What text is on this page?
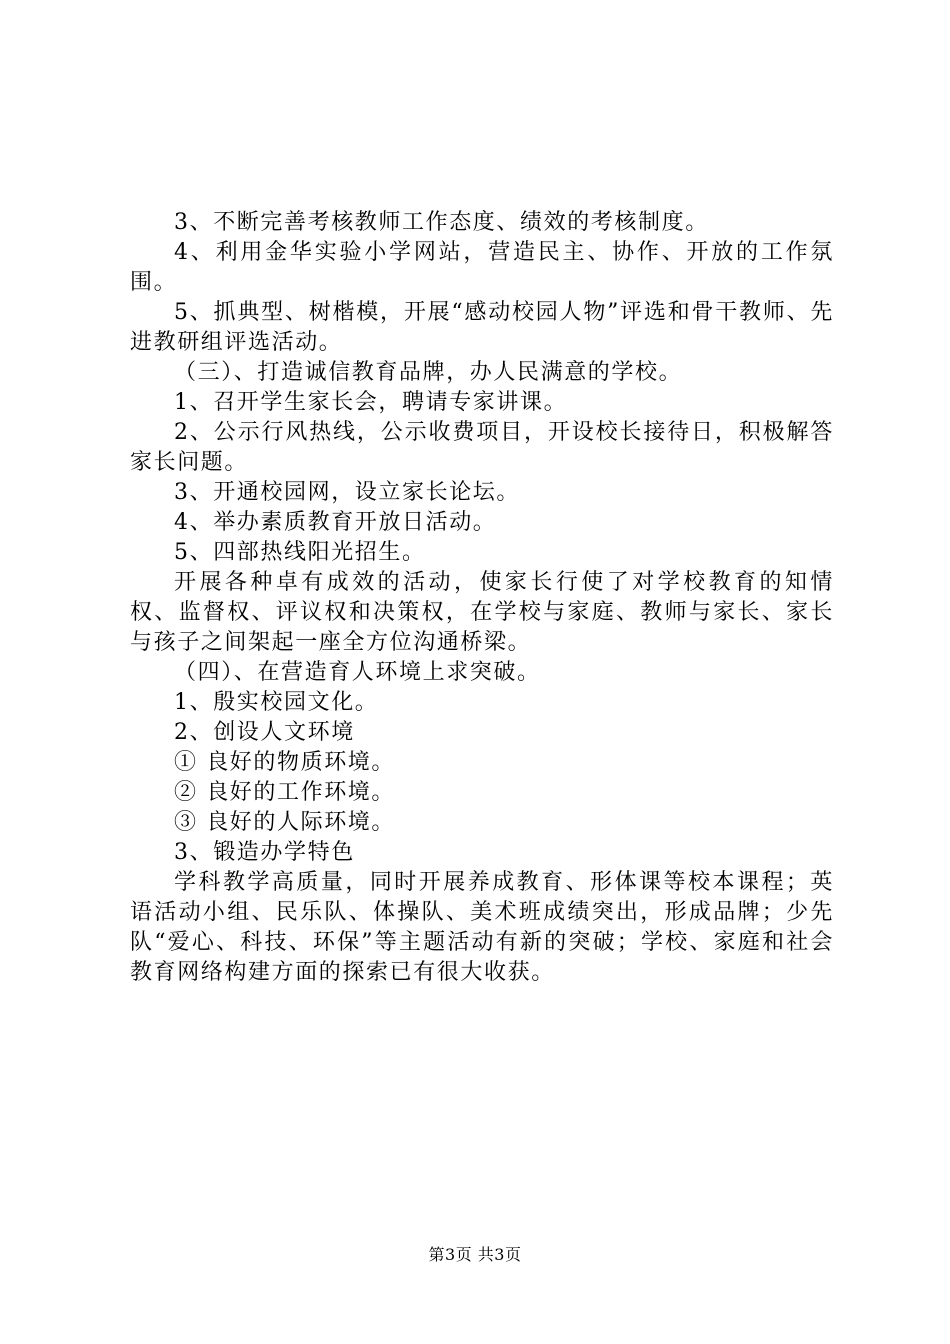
3、不断完善考核教师工作态度、绩效的考核制度。

4、利用金华实验小学网站，营造民主、协作、开放的工作氛围。

5、抓典型、树楷模，开展“感动校园人物”评选和骨干教师、先进教研组评选活动。

（三）、打造诚信教育品牌，办人民满意的学校。

1、召开学生家长会，聘请专家讲课。

2、公示行风热线，公示收费项目，开设校长接待日，积极解答家长问题。

3、开通校园网，设立家长论坛。

4、举办素质教育开放日活动。

5、四部热线阳光招生。

开展各种卓有成效的活动，使家长行使了对学校教育的知情权、监督权、评议权和决策权，在学校与家庭、教师与家长、家长与孩子之间架起一座全方位沟通桥梁。

（四）、在营造育人环境上求突破。

1、殷实校园文化。

2、创设人文环境

① 良好的物质环境。

② 良好的工作环境。

③ 良好的人际环境。

3、锻造办学特色

学科教学高质量，同时开展养成教育、形体课等校本课程；英语活动小组、民乐队、体操队、美术班成绩突出，形成品牌；少先队“爱心、科技、环保”等主题活动有新的突破；学校、家庭和社会教育网络构建方面的探索已有很大收获。

第3页 共3页
